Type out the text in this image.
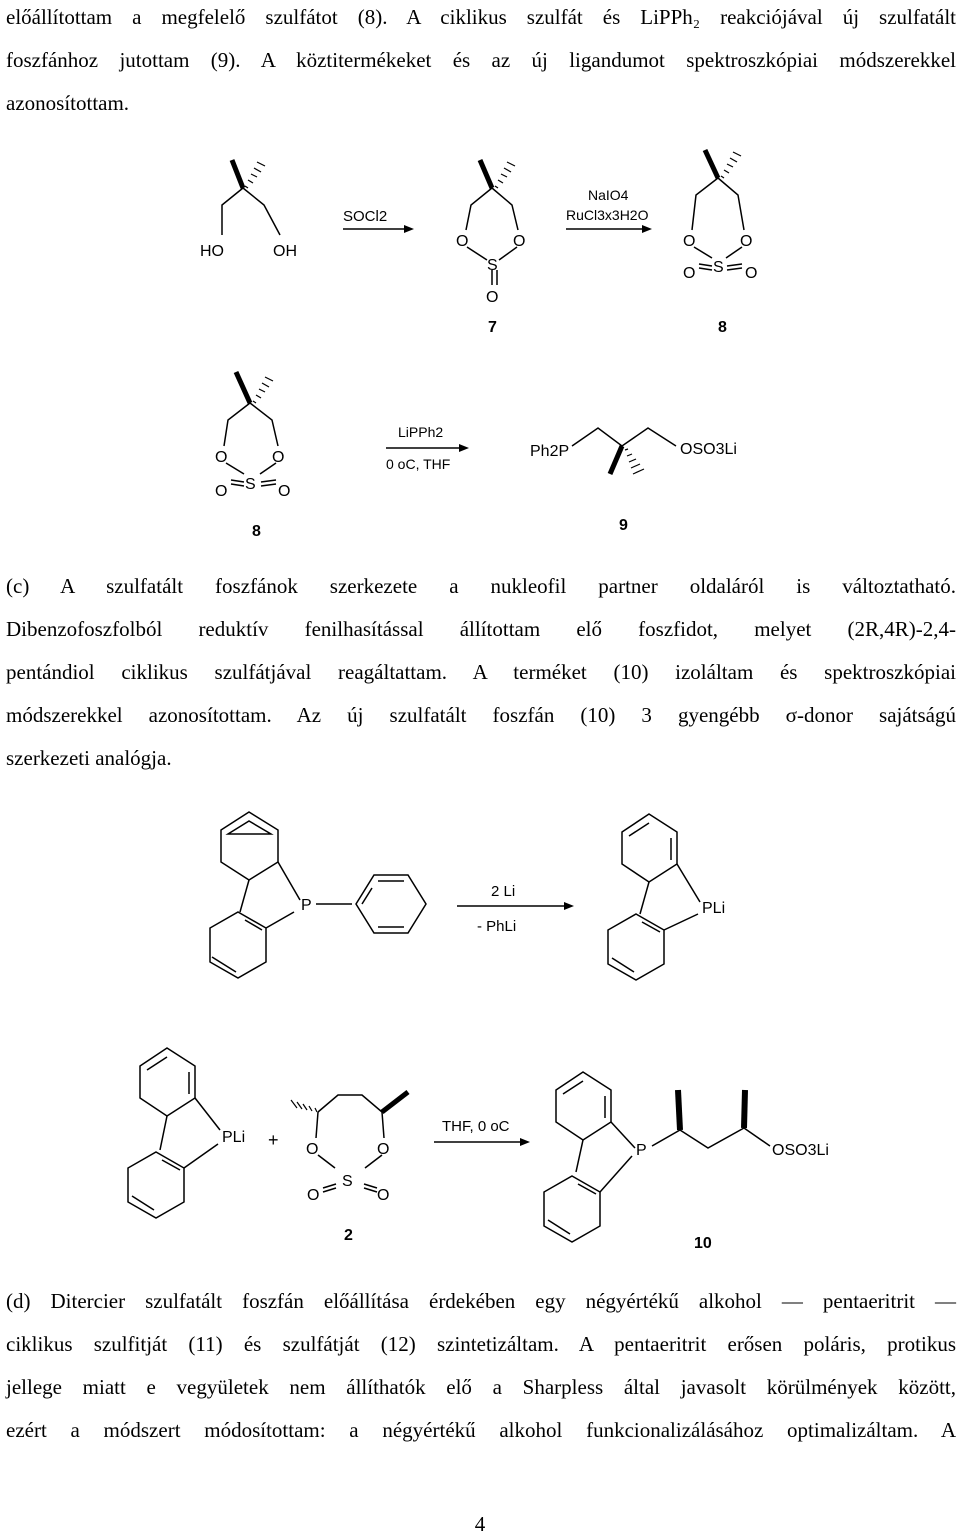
előállítottam a megfelelő szulfátot (8). A ciklikus szulfát és LiPPh₂ reakciójával új szulfatált
foszfánhoz jutottam (9). A köztitermékeket és az új ligandumot spektroszkópiai módszerekkel
azonosítottam.
HO	OH
SOCl2
O	O
S
O
7
NaIO4
RuCl3x3H2O
O	O
S
O	O
8
O	O
S
O	O
8
LiPPh2
0 oC, THF
Ph2P	OSO3Li
9
(c) A szulfatált foszfánok szerkezete a nukleofil partner oldaláról is változtatható.
Dibenzofoszfolból reduktív fenilhasítással állítottam elő foszfidot, melyet (2R,4R)-2,4-
pentándiol ciklikus szulfátjával reagáltattam. A terméket (10) izoláltam és spektroszkópiai
módszerekkel azonosítottam. Az új szulfatált foszfán (10) 3 gyengébb σ-donor sajátságú
szerkezeti analógja.
P
2 Li
- PhLi
PLi
PLi + O	O
S
O	O
2
THF, 0 oC
P	OSO3Li
10
(d) Ditercier szulfatált foszfán előállítása érdekében egy négyértékű alkohol — pentaeritrit —
ciklikus szulfitját (11) és szulfátját (12) szintetizáltam. A pentaeritrit erősen poláris, protikus
jellege miatt e vegyületek nem állíthatók elő a Sharpless által javasolt körülmények között,
ezért a módszert módosítottam: a négyértékű alkohol funkcionalizálásához optimalizáltam. A
4
